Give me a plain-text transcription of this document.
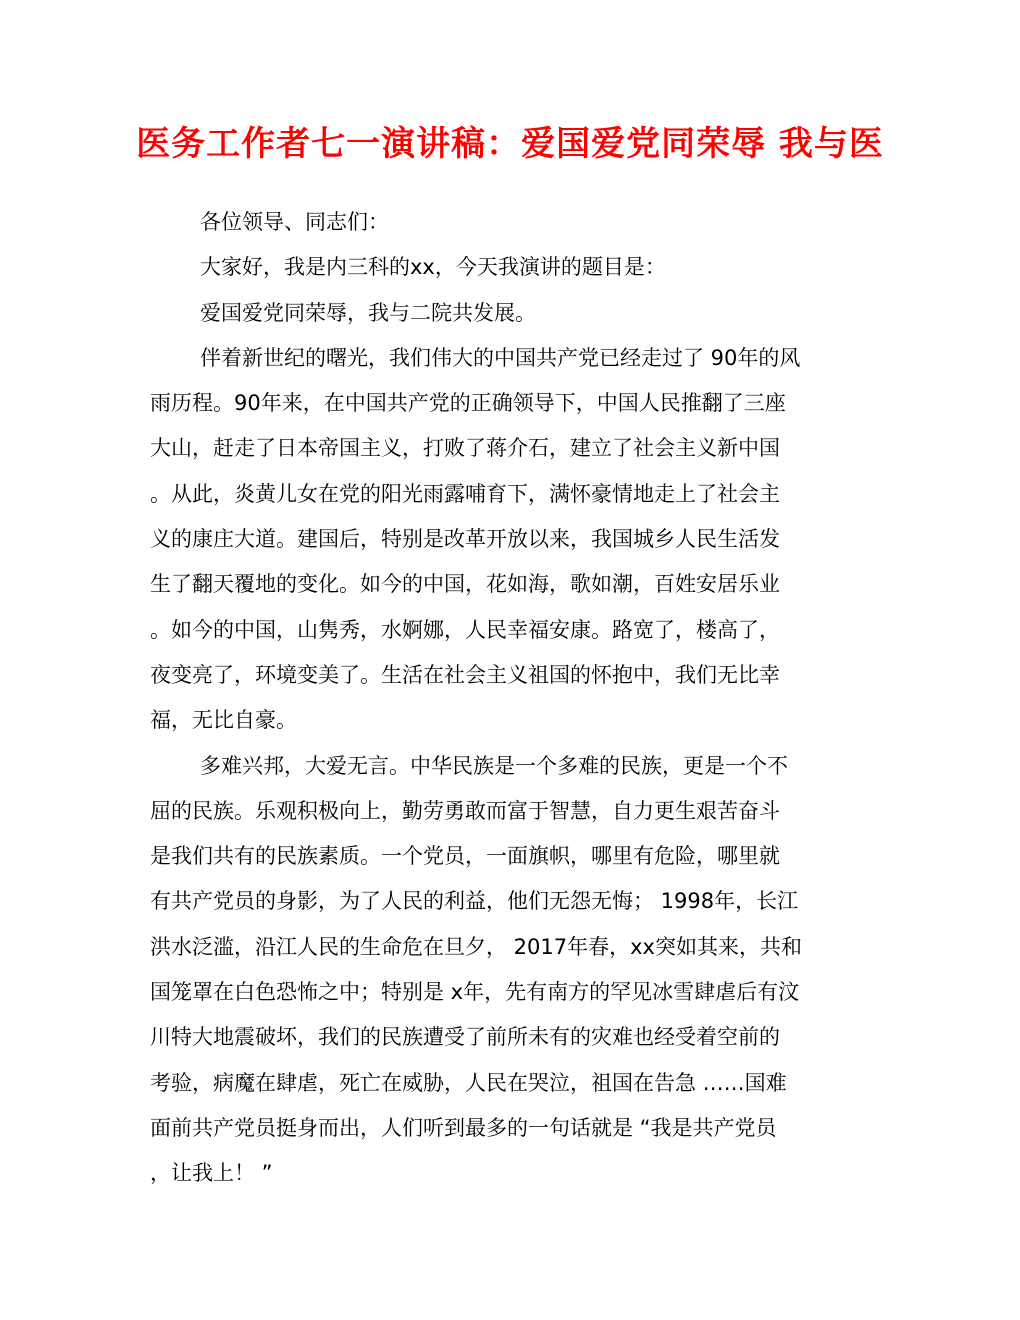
医务工作者七一演讲稿：爱国爱党同荣辱 我与医
各位领导、同志们：
大家好，我是内三科的xx，今天我演讲的题目是：
爱国爱党同荣辱，我与二院共发展。
伴着新世纪的曙光，我们伟大的中国共产党已经走过了 90年的风
雨历程。90年来，在中国共产党的正确领导下，中国人民推翻了三座
大山，赶走了日本帝国主义，打败了蒋介石，建立了社会主义新中国
。从此，炎黄儿女在党的阳光雨露哺育下，满怀豪情地走上了社会主
义的康庄大道。建国后，特别是改革开放以来，我国城乡人民生活发
生了翻天覆地的变化。如今的中国，花如海，歌如潮，百姓安居乐业
。如今的中国，山隽秀，水婀娜，人民幸福安康。路宽了，楼高了，
夜变亮了，环境变美了。生活在社会主义祖国的怀抱中，我们无比幸
福，无比自豪。
多难兴邦，大爱无言。中华民族是一个多难的民族，更是一个不
屈的民族。乐观积极向上，勤劳勇敢而富于智慧，自力更生艰苦奋斗
是我们共有的民族素质。一个党员，一面旗帜，哪里有危险，哪里就
有共产党员的身影，为了人民的利益，他们无怨无悔； 1998年，长江
洪水泛滥，沿江人民的生命危在旦夕， 2017年春，xx突如其来，共和
国笼罩在白色恐怖之中；特别是 x年，先有南方的罕见冰雪肆虐后有汶
川特大地震破坏，我们的民族遭受了前所未有的灾难也经受着空前的
考验，病魔在肆虐，死亡在威胁，人民在哭泣，祖国在告急 ……国难
面前共产党员挺身而出，人们听到最多的一句话就是 “我是共产党员
，让我上！ ”
